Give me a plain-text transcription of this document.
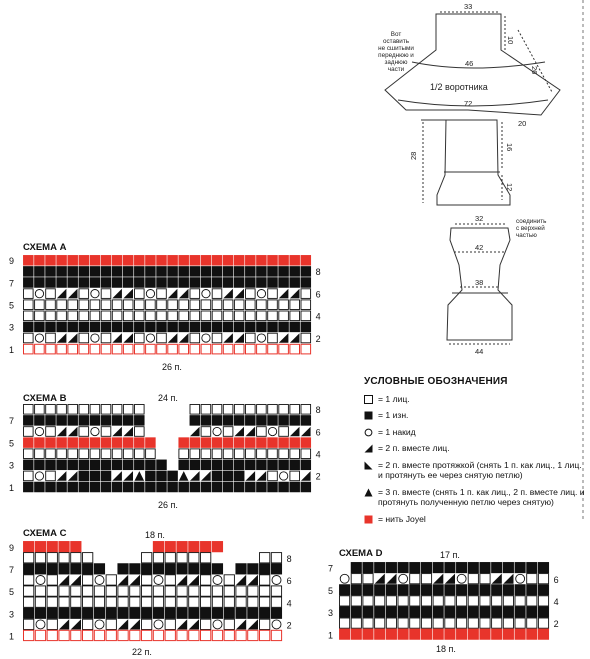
1/2 воротника
33
10
26
46
72
20
28
16
12
32
42
38
44
Вот оставить не сшитыми переднюю и заднюю части
соединить с верхней частью
СХЕМА А
26 п.
9
8
7
6
5
4
3
2
1
СХЕМА В	24 п.
26 п.
8
7
6
5
4
3
2
1
СХЕМА С	18 п.
22 п.
9
8
7
6
5
4
3
2
1
СХЕМА D	17 п.
18 п.
7
6
5
4
3
2
1
УСЛОВНЫЕ ОБОЗНАЧЕНИЯ
= 1 лиц.
= 1 изн.
= 1 накид
= 2 п. вместе лиц.
= 2 п. вместе протяжкой (снять 1 п. как лиц., 1 лиц. и протянуть ее через снятую петлю)
= 3 п. вместе (снять 1 п. как лиц., 2 п. вместе лиц. и протянуть полученную петлю через снятую)
= нить Joyel
